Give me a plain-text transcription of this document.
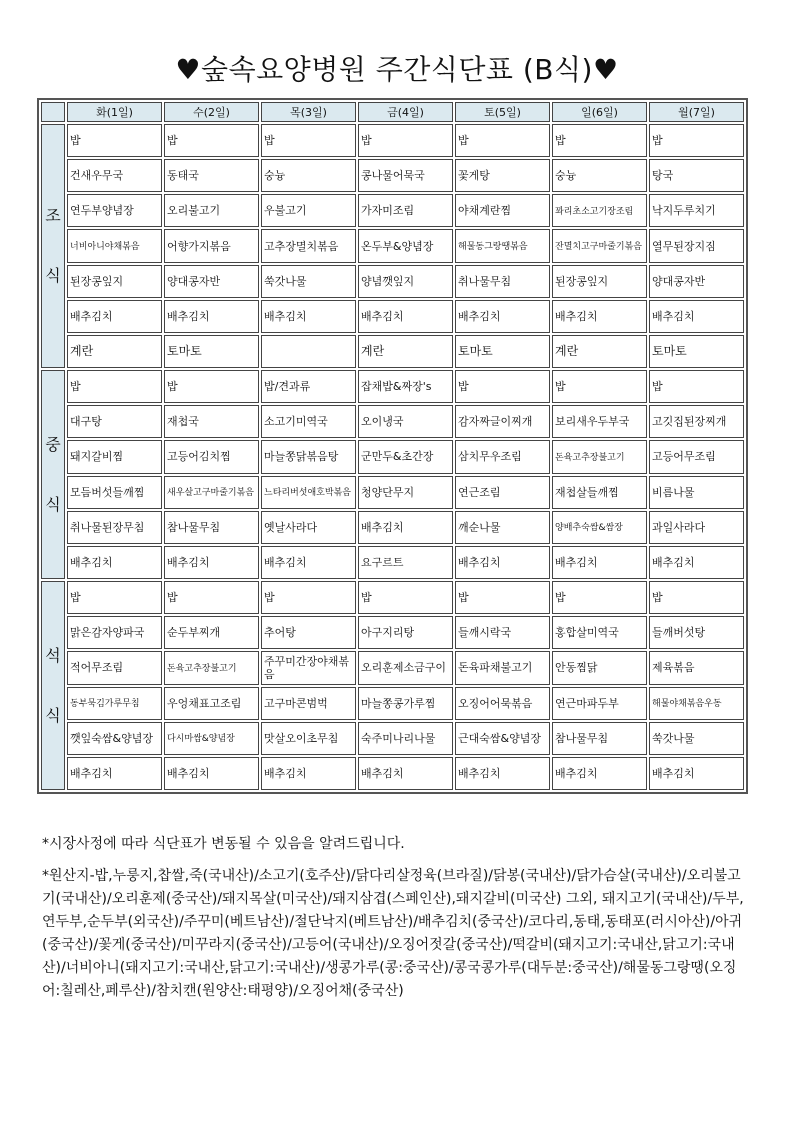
♥숲속요양병원 주간식단표 (B식)♥
	화(1일)	수(2일)	목(3일)	금(4일)	토(5일)	일(6일)	월(7일)
조

식	밥	밥	밥	밥	밥	밥	밥
	건새우무국	동태국	숭늉	콩나물어묵국	꽃게탕	숭늉	탕국
	연두부양념장	오리불고기	우불고기	가자미조림	야채계란찜	꽈리초소고기장조림	낙지두루치기
	너비아니야채볶음	어향가지볶음	고추장멸치볶음	온두부&양념장	해물동그랑땡볶음	잔멸치고구마줄기볶음	열무된장지짐
	된장콩잎지	양대콩자반	쑥갓나물	양념깻잎지	취나물무침	된장콩잎지	양대콩자반
	배추김치	배추김치	배추김치	배추김치	배추김치	배추김치	배추김치
	계란	토마토		계란	토마토	계란	토마토
중

식	밥	밥	밥/견과류	잡채밥&짜장's	밥	밥	밥
	대구탕	재첩국	소고기미역국	오이냉국	감자짜글이찌개	보리새우두부국	고깃집된장찌개
	돼지갈비찜	고등어김치찜	마늘쫑닭볶음탕	군만두&초간장	삼치무우조림	돈육고추장불고기	고등어무조림
	모듬버섯들깨찜	새우살고구마줄기볶음	느타리버섯애호박볶음	청양단무지	연근조림	재첩살들깨찜	비름나물
	취나물된장무침	참나물무침	옛날사라다	배추김치	깨순나물	양배추숙쌈&쌈장	과일사라다
	배추김치	배추김치	배추김치	요구르트	배추김치	배추김치	배추김치
석

식	밥	밥	밥	밥	밥	밥	밥
	맑은감자양파국	순두부찌개	추어탕	아구지리탕	들깨시락국	홍합살미역국	들깨버섯탕
	적어무조림	돈육고추장불고기	주꾸미간장야채볶음	오리훈제소금구이	돈육파채불고기	안동찜닭	제육볶음
	동부묵김가루무침	우엉채표고조림	고구마콘범벅	마늘쫑콩가루찜	오징어어묵볶음	연근마파두부	해물야채볶음우동
	깻잎숙쌈&양념장	다시마쌈&양념장	맛살오이초무침	숙주미나리나물	근대숙쌈&양념장	참나물무침	쑥갓나물
	배추김치	배추김치	배추김치	배추김치	배추김치	배추김치	배추김치
*시장사정에 따라 식단표가 변동될 수 있음을 알려드립니다.
*원산지-밥,누룽지,찹쌀,죽(국내산)/소고기(호주산)/닭다리살정육(브라질)/닭봉(국내산)/닭가슴살(국내산)/오리불고기(국내산)/오리훈제(중국산)/돼지목살(미국산)/돼지삼겹(스페인산),돼지갈비(미국산) 그외, 돼지고기(국내산)/두부,연두부,순두부(외국산)/주꾸미(베트남산)/절단낙지(베트남산)/배추김치(중국산)/코다리,동태,동태포(러시아산)/아귀(중국산)/꽃게(중국산)/미꾸라지(중국산)/고등어(국내산)/오징어젓갈(중국산)/떡갈비(돼지고기:국내산,닭고기:국내산)/너비아니(돼지고기:국내산,닭고기:국내산)/생콩가루(콩:중국산)/콩국콩가루(대두분:중국산)/해물동그랑땡(오징어:칠레산,페루산)/참치캔(원양산:태평양)/오징어채(중국산)
